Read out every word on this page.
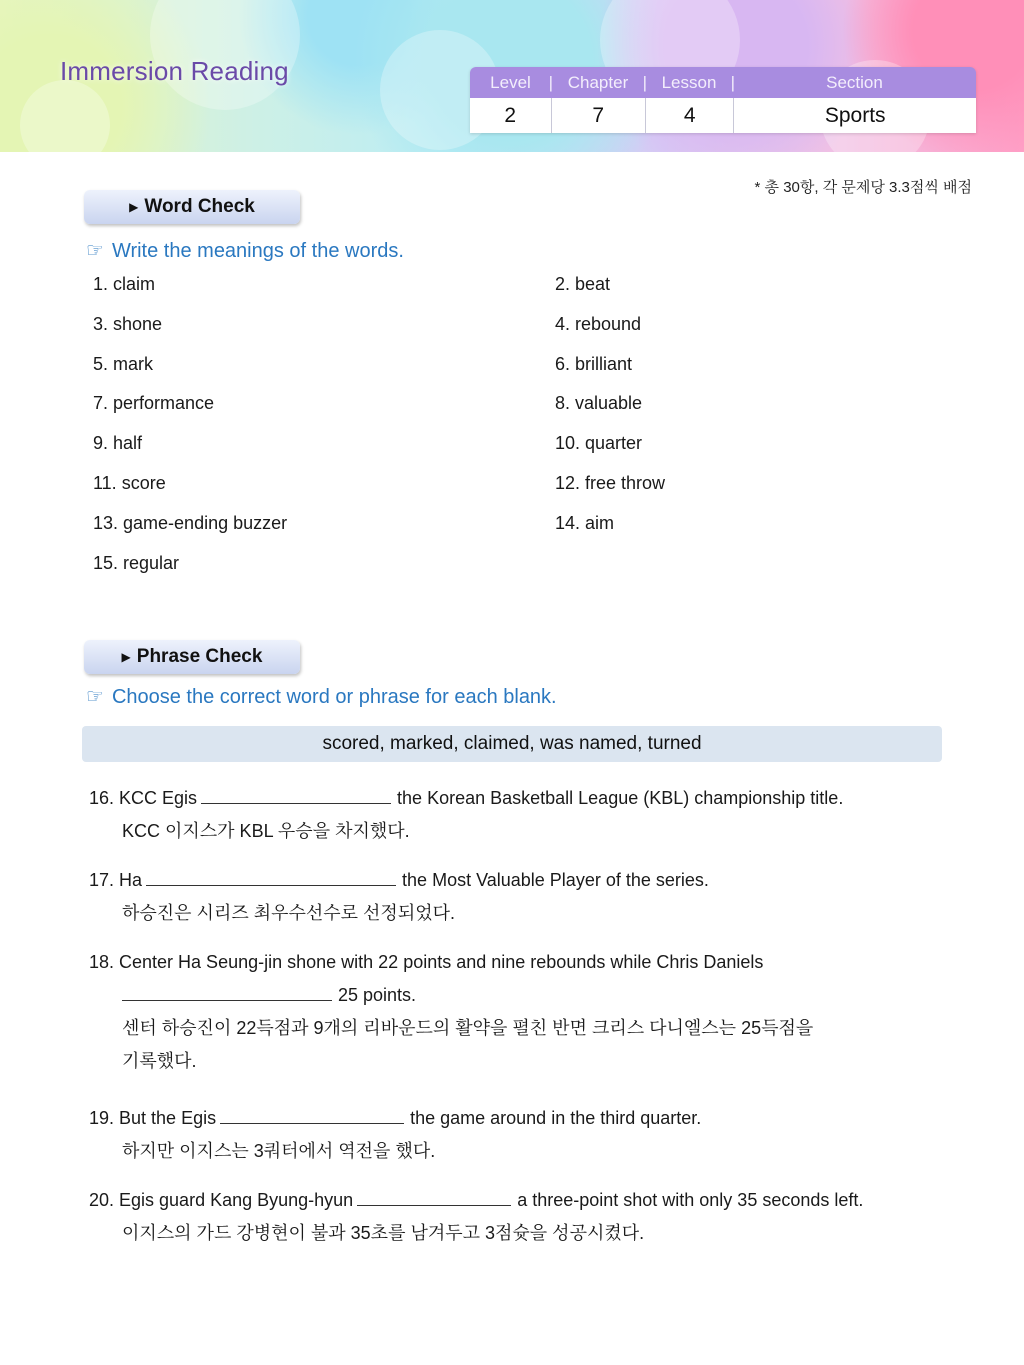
Immersion Reading	Level |	Chapter |	Lesson |	Section
2	7	4	Sports
* 총 30항, 각 문제당 3.3점씩 배점
▶ Word Check
☞ Write the meanings of the words.
1. claim	2. beat
3. shone	4. rebound
5. mark	6. brilliant
7. performance	8. valuable
9. half	10. quarter
11. score	12. free throw
13. game-ending buzzer	14. aim
15. regular
▶ Phrase Check
☞ Choose the correct word or phrase for each blank.
scored, marked, claimed, was named, turned
16. KCC Egis	the Korean Basketball League (KBL) championship title.
KCC 이지스가 KBL 우승을 차지했다.
17. Ha	the Most Valuable Player of the series.
하승진은 시리즈 최우수선수로 선정되었다.
18. Center Ha Seung-jin shone with 22 points and nine rebounds while Chris Daniels
25 points.
센터 하승진이 22득점과 9개의 리바운드의 활약을 펼친 반면 크리스 다니엘스는 25득점을
기록했다.
19. But the Egis	the game around in the third quarter.
하지만 이지스는 3쿼터에서 역전을 했다.
20. Egis guard Kang Byung-hyun	a three-point shot with only 35 seconds left.
이지스의 가드 강병현이 불과 35초를 남겨두고 3점슛을 성공시켰다.
